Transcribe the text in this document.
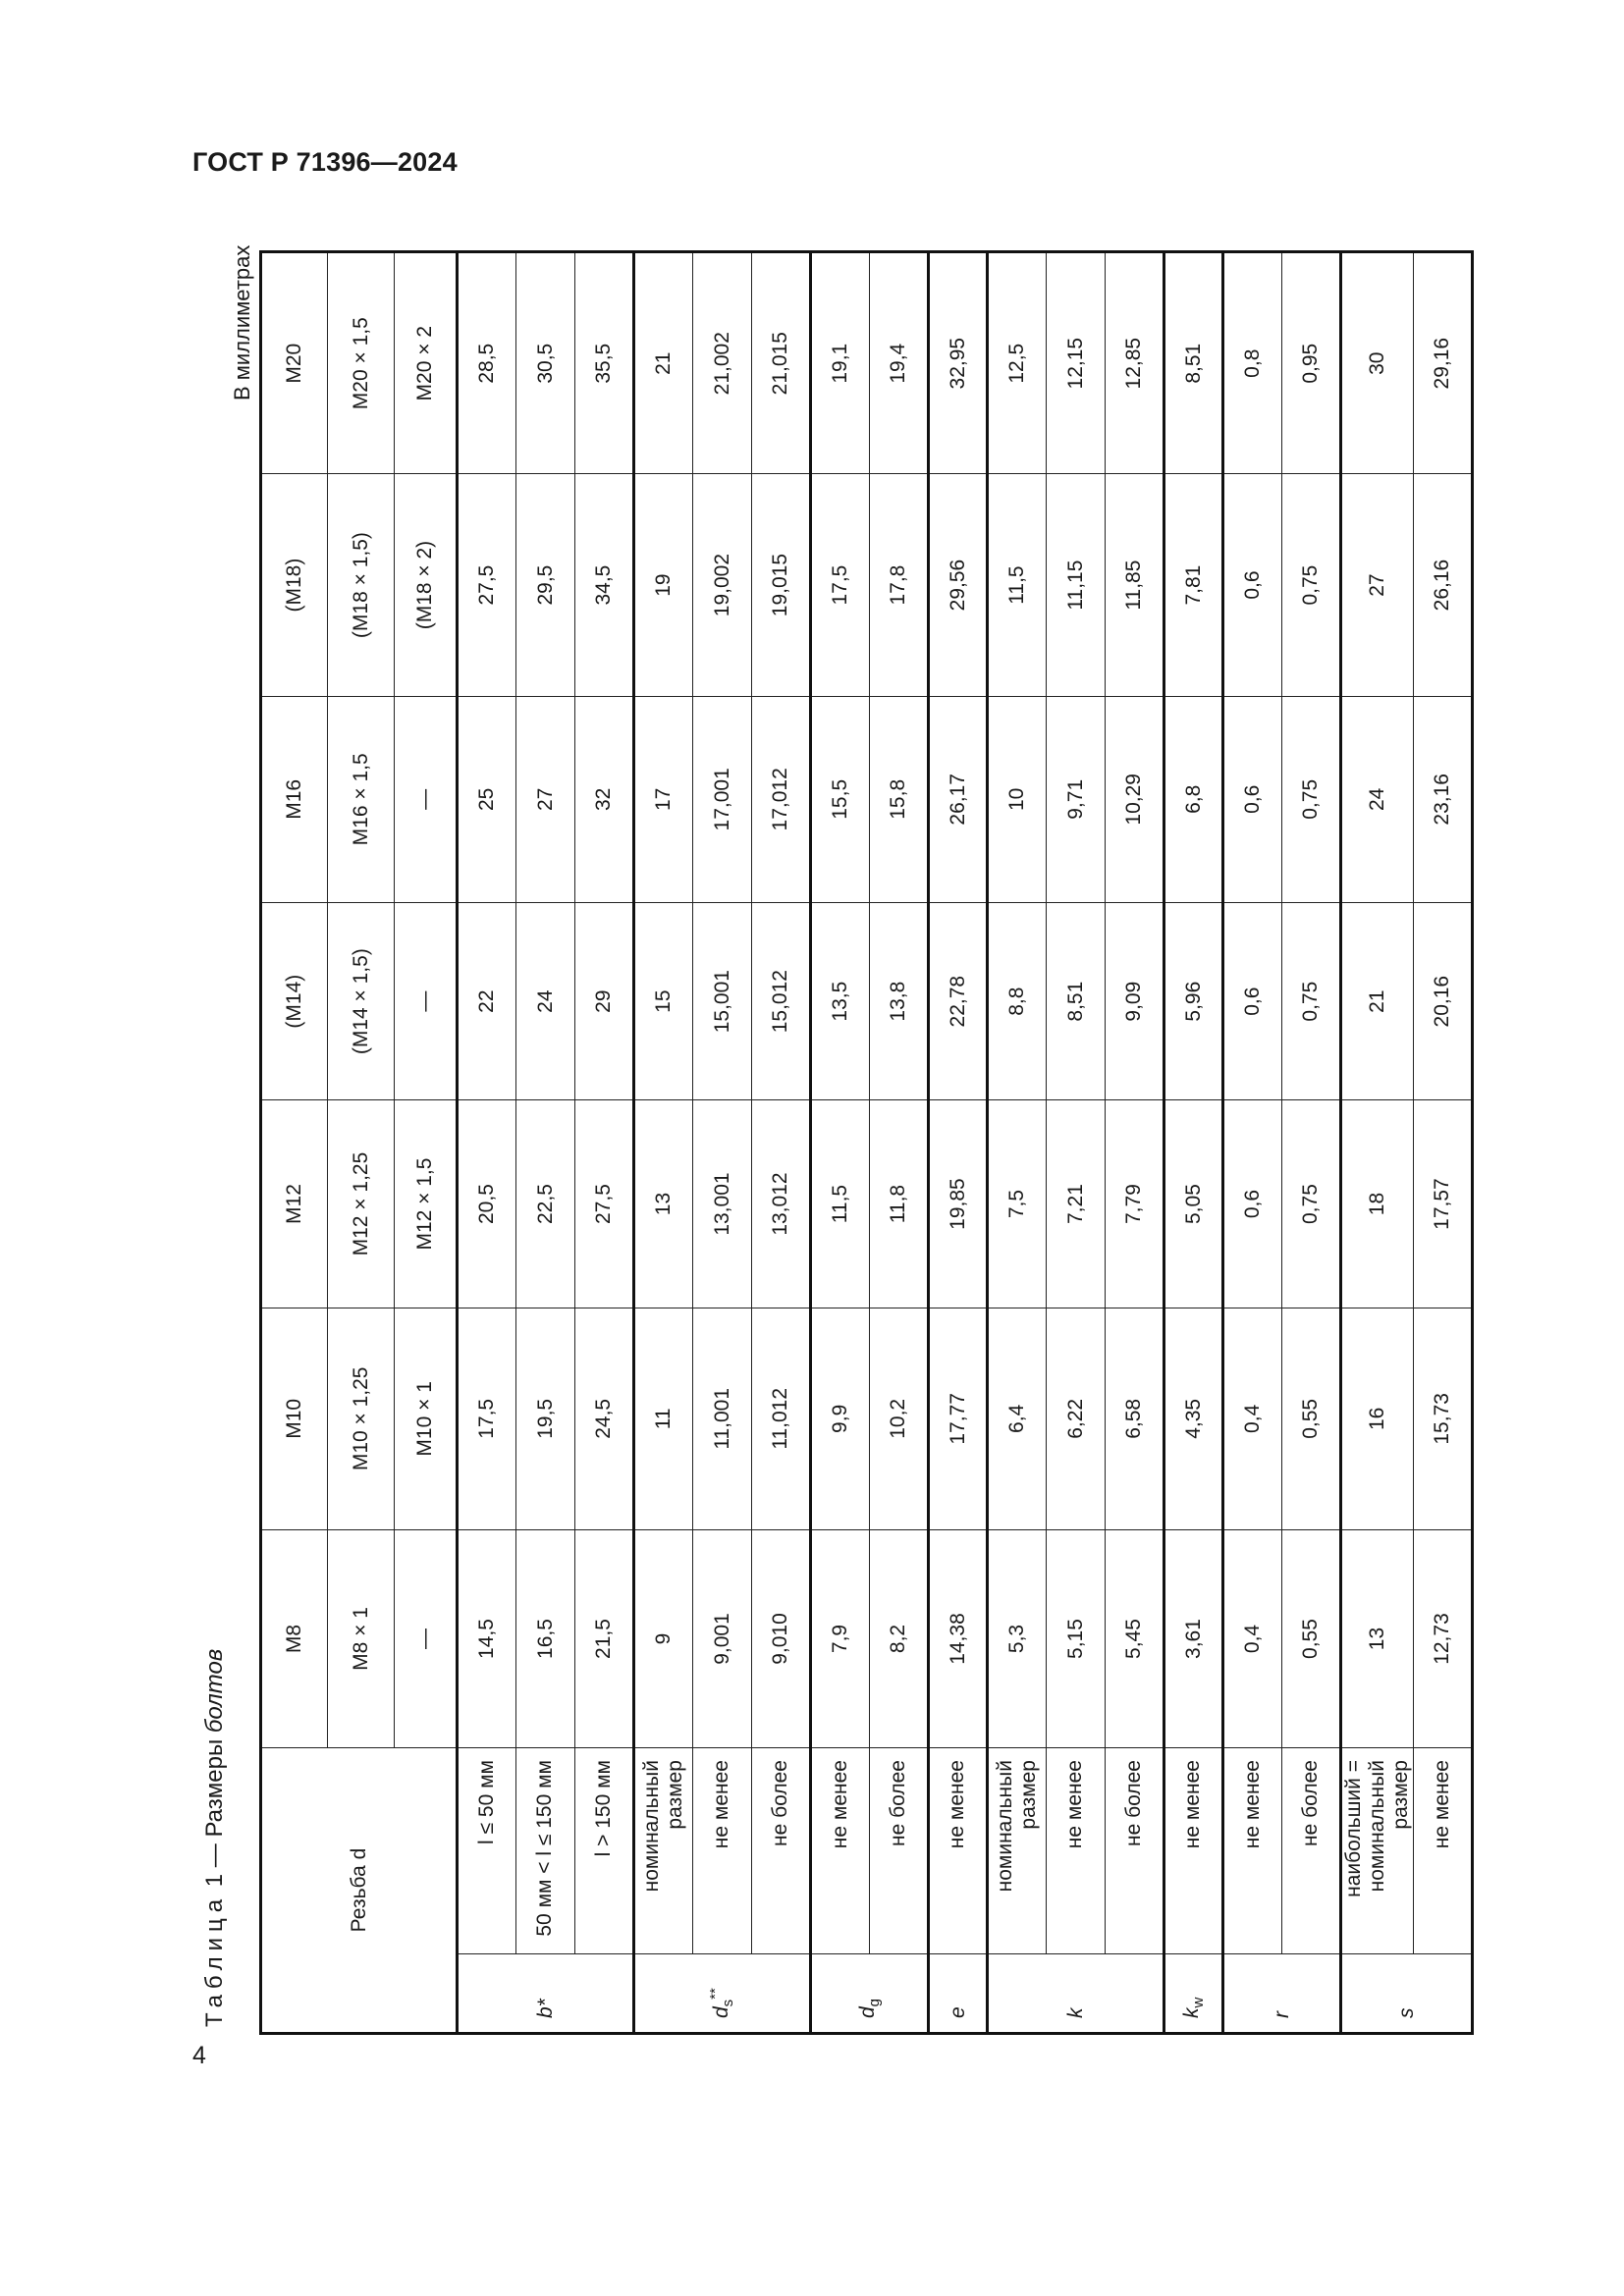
ГОСТ Р 71396—2024
4
Таблица 1 — Размеры болтов
В миллиметрах
Резьба d		M8	M10	M12	(M14)	M16	(M18)	M20
		M8 × 1	M10 × 1,25	M12 × 1,25	(M14 × 1,5)	M16 × 1,5	(M18 × 1,5)	M20 × 1,5
		—	M10 × 1	M12 × 1,5	—	—	(M18 × 2)	M20 × 2
b*	l ≤ 50 мм	14,5	17,5	20,5	22	25	27,5	28,5
	50 мм < l ≤ 150 мм	16,5	19,5	22,5	24	27	29,5	30,5
	l > 150 мм	21,5	24,5	27,5	29	32	34,5	35,5
$d_s^{**}$	номинальный размер	9	11	13	15	17	19	21
	не менее	9,001	11,001	13,001	15,001	17,001	19,002	21,002
	не более	9,010	11,012	13,012	15,012	17,012	19,015	21,015
$d_g$	не менее	7,9	9,9	11,5	13,5	15,5	17,5	19,1
	не более	8,2	10,2	11,8	13,8	15,8	17,8	19,4
e	не менее	14,38	17,77	19,85	22,78	26,17	29,56	32,95
k	номинальный размер	5,3	6,4	7,5	8,8	10	11,5	12,5
	не менее	5,15	6,22	7,21	8,51	9,71	11,15	12,15
	не более	5,45	6,58	7,79	9,09	10,29	11,85	12,85
$k_w$	не менее	3,61	4,35	5,05	5,96	6,8	7,81	8,51
r	не менее	0,4	0,4	0,6	0,6	0,6	0,6	0,8
	не более	0,55	0,55	0,75	0,75	0,75	0,75	0,95
s	наибольший = номинальный размер	13	16	18	21	24	27	30
	не менее	12,73	15,73	17,57	20,16	23,16	26,16	29,16
